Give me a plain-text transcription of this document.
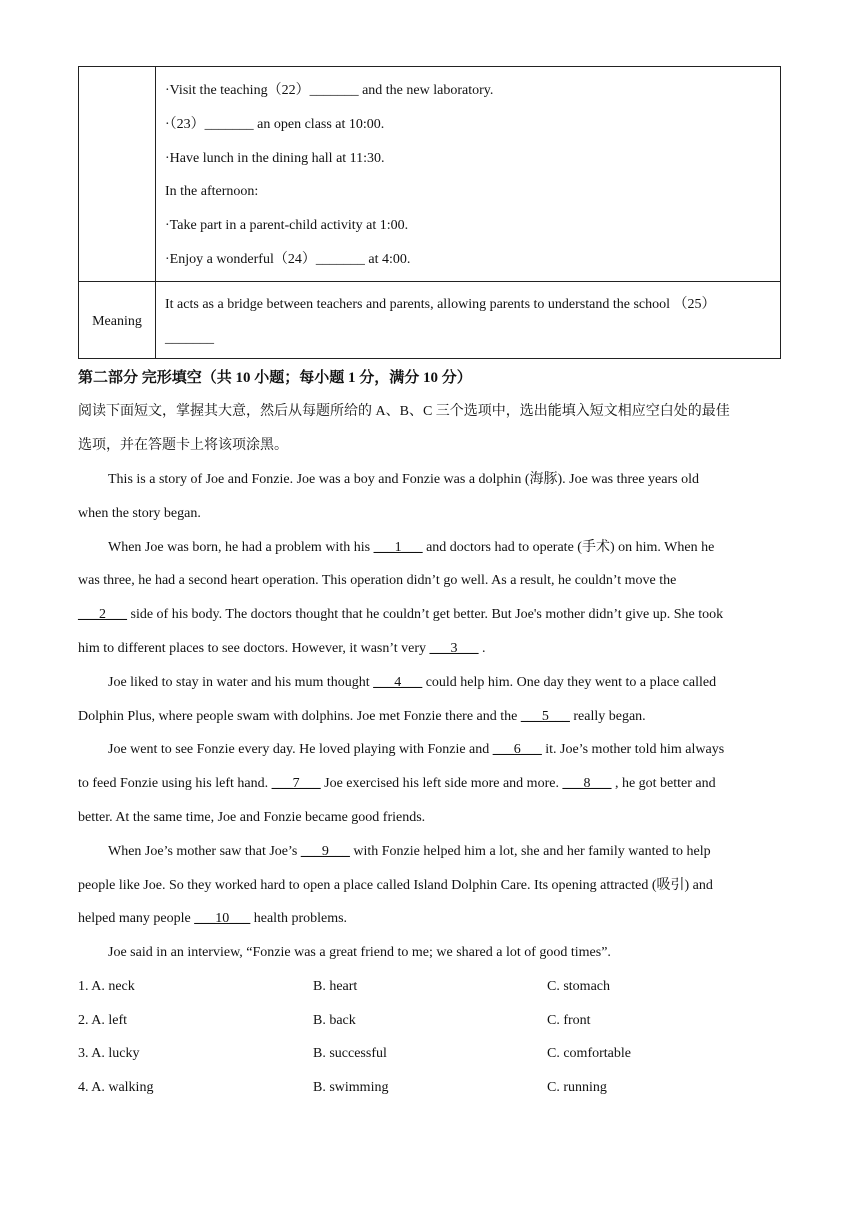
·Visit the teaching（22）_______ and the new laboratory.
·（23）_______ an open class at 10:00.
·Have lunch in the dining hall at 11:30.
In the afternoon:
·Take part in a parent-child activity at 1:00.
·Enjoy a wonderful（24）_______ at 4:00.
Meaning
It acts as a bridge between teachers and parents, allowing parents to understand the school （25）
_______
第二部分 完形填空（共 10 小题；每小题 1 分，满分 10 分）
阅读下面短文，掌握其大意，然后从每题所给的 A、B、C 三个选项中，选出能填入短文相应空白处的最佳
选项，并在答题卡上将该项涂黑。
This is a story of Joe and Fonzie. Joe was a boy and Fonzie was a dolphin (海豚). Joe was three years old
when the story began.
When Joe was born, he had a problem with his ___1___ and doctors had to operate (手术) on him. When he
was three, he had a second heart operation. This operation didn’t go well. As a result, he couldn’t move the
___2___ side of his body. The doctors thought that he couldn’t get better. But Joe's mother didn’t give up. She took
him to different places to see doctors. However, it wasn’t very ___3___ .
Joe liked to stay in water and his mum thought ___4___ could help him. One day they went to a place called
Dolphin Plus, where people swam with dolphins. Joe met Fonzie there and the ___5___ really began.
Joe went to see Fonzie every day. He loved playing with Fonzie and ___6___ it. Joe’s mother told him always
to feed Fonzie using his left hand. ___7___ Joe exercised his left side more and more. ___8___ , he got better and
better. At the same time, Joe and Fonzie became good friends.
When Joe’s mother saw that Joe’s ___9___ with Fonzie helped him a lot, she and her family wanted to help
people like Joe. So they worked hard to open a place called Island Dolphin Care. Its opening attracted (吸引) and
helped many people ___10___ health problems.
Joe said in an interview, “Fonzie was a great friend to me; we shared a lot of good times”.
1. A. neck	B. heart	C. stomach
2. A. left	B. back	C. front
3. A. lucky	B. successful	C. comfortable
4. A. walking	B. swimming	C. running
